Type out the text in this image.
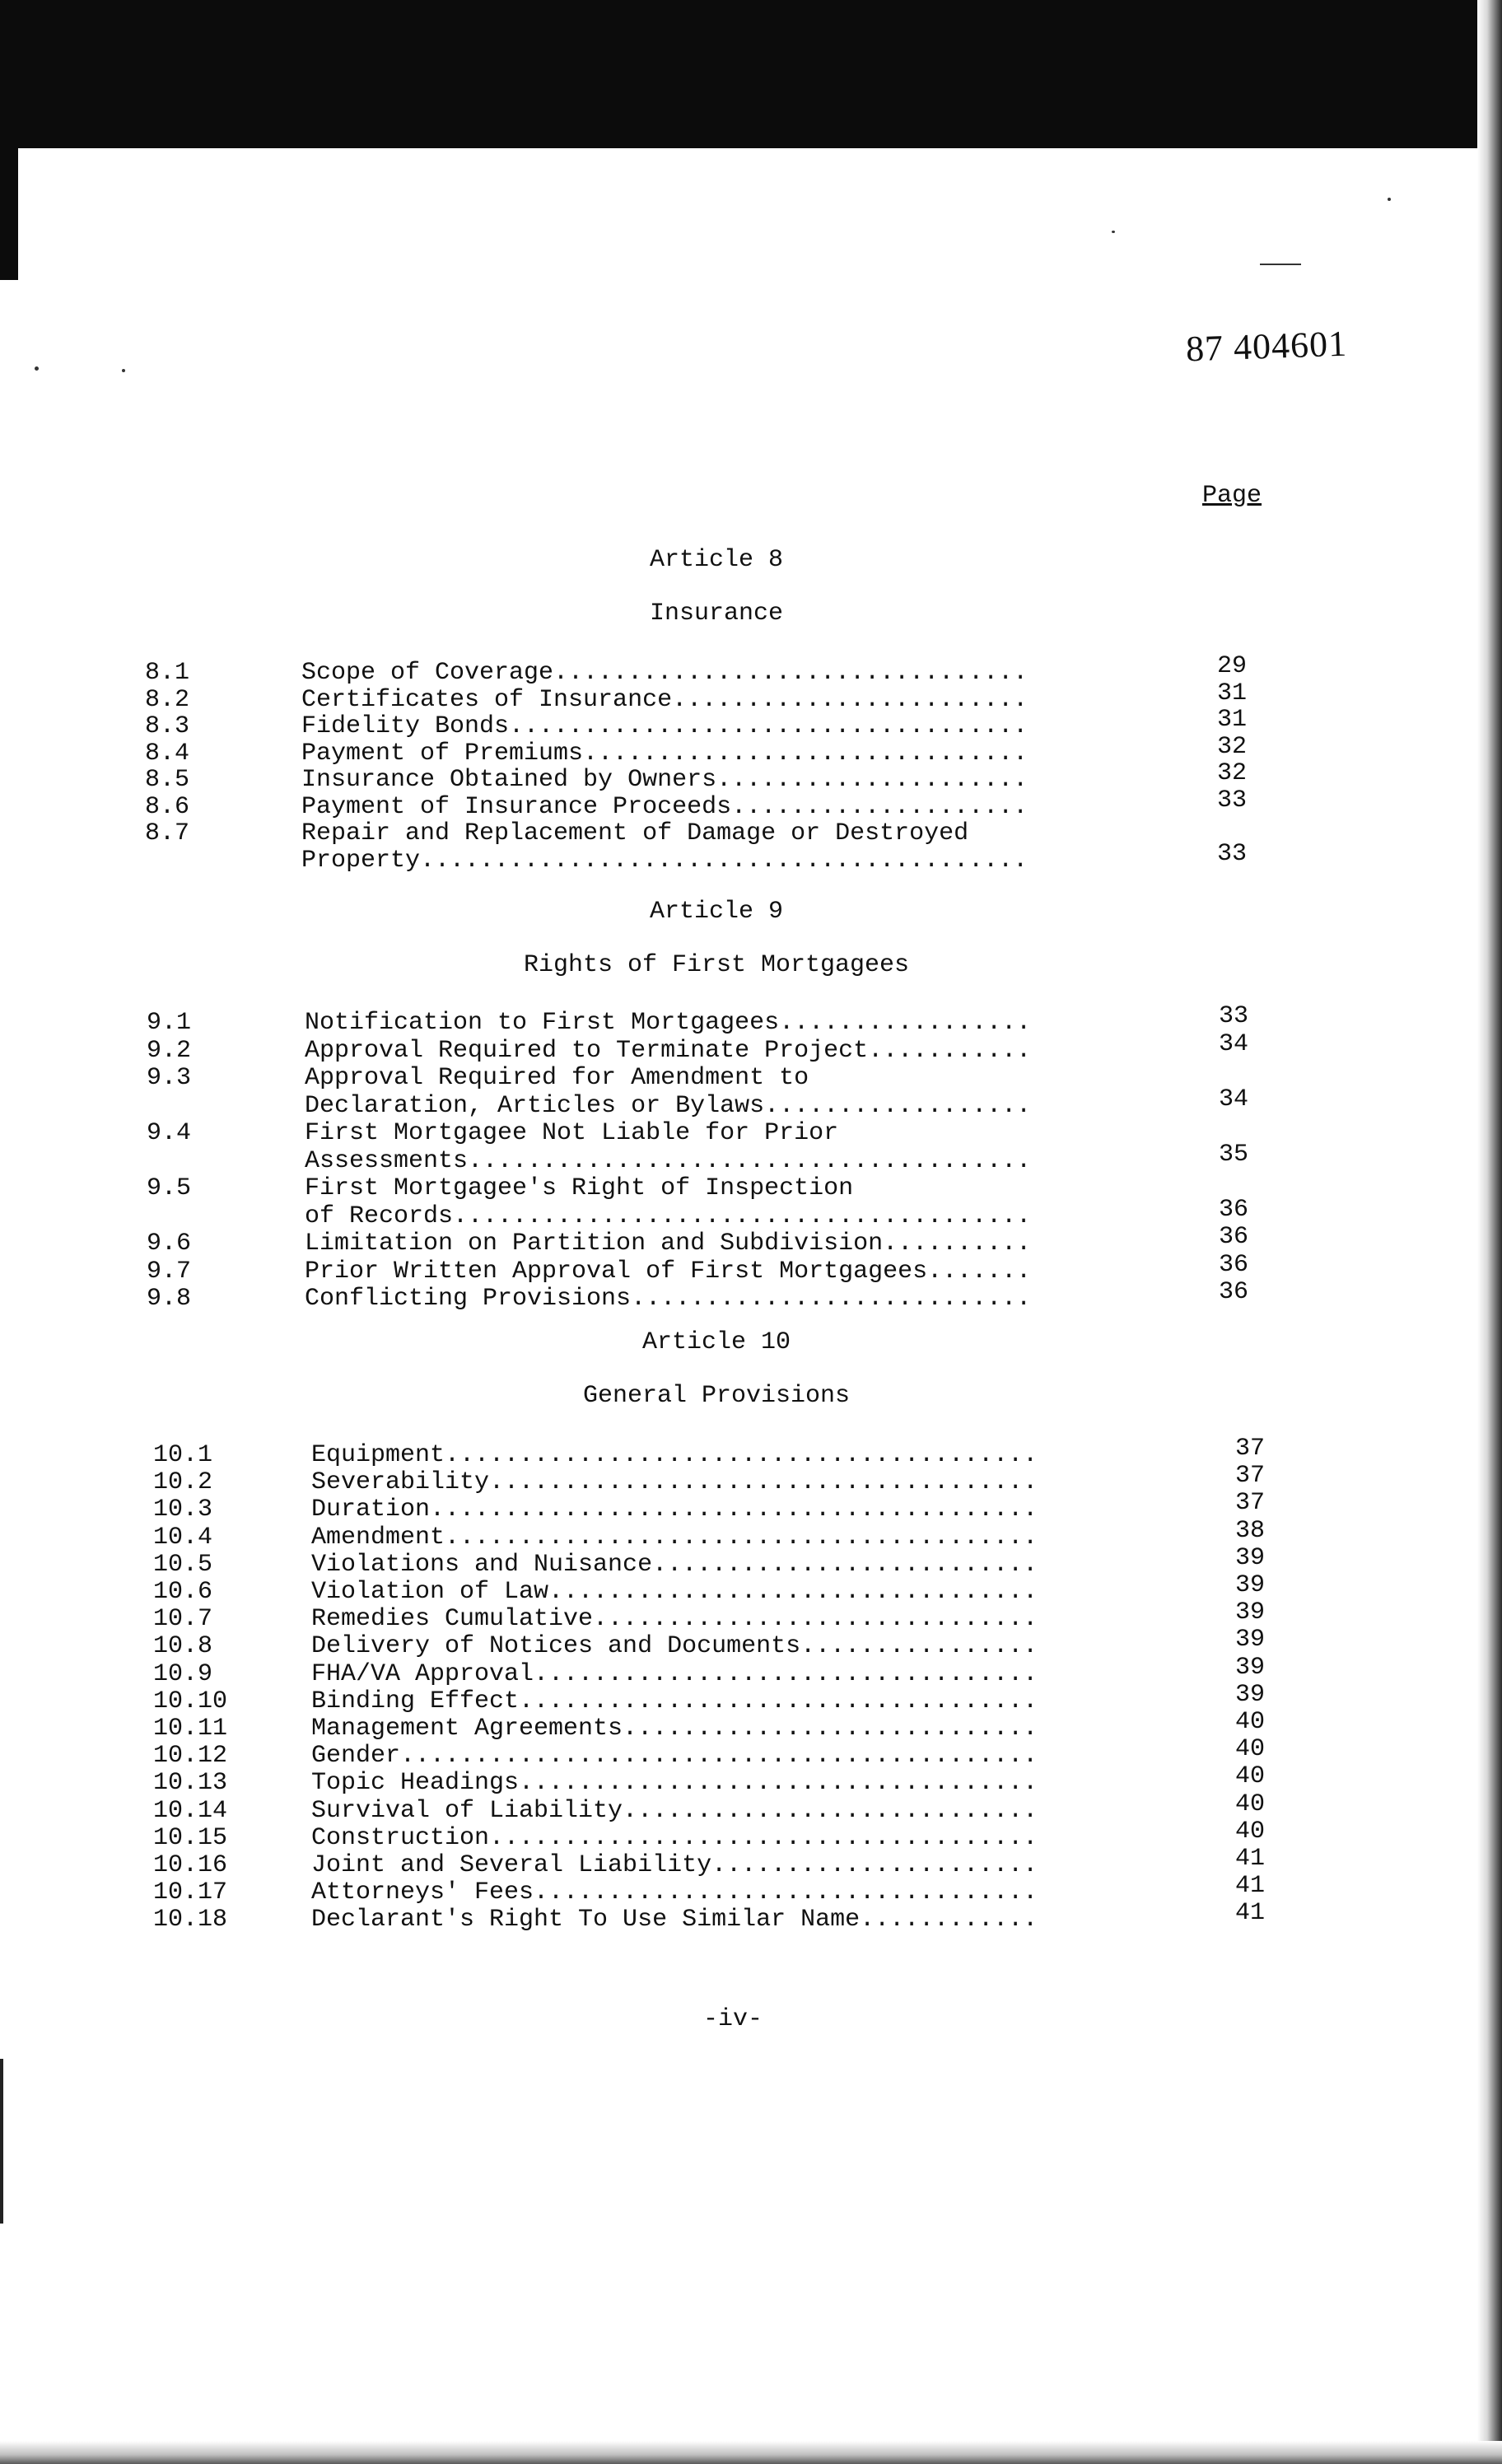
87 404601
Page
Article 8
Insurance
8.1	Scope of Coverage................................	29
8.2	Certificates of Insurance........................	31
8.3	Fidelity Bonds...................................	31
8.4	Payment of Premiums..............................	32
8.5	Insurance Obtained by Owners.....................	32
8.6	Payment of Insurance Proceeds....................	33
8.7	Repair and Replacement of Damage or Destroyed
Property.........................................	33
Article 9
Rights of First Mortgagees
9.1	Notification to First Mortgagees.................	33
9.2	Approval Required to Terminate Project...........	34
9.3	Approval Required for Amendment to
Declaration, Articles or Bylaws..................	34
9.4	First Mortgagee Not Liable for Prior
Assessments......................................	35
9.5	First Mortgagee's Right of Inspection
of Records.......................................	36
9.6	Limitation on Partition and Subdivision..........	36
9.7	Prior Written Approval of First Mortgagees.......	36
9.8	Conflicting Provisions...........................	36
Article 10
General Provisions
10.1	Equipment........................................	37
10.2	Severability.....................................	37
10.3	Duration.........................................	37
10.4	Amendment........................................	38
10.5	Violations and Nuisance..........................	39
10.6	Violation of Law.................................	39
10.7	Remedies Cumulative..............................	39
10.8	Delivery of Notices and Documents................	39
10.9	FHA/VA Approval..................................	39
10.10	Binding Effect...................................	39
10.11	Management Agreements............................	40
10.12	Gender...........................................	40
10.13	Topic Headings...................................	40
10.14	Survival of Liability............................	40
10.15	Construction.....................................	40
10.16	Joint and Several Liability......................	41
10.17	Attorneys' Fees..................................	41
10.18	Declarant's Right To Use Similar Name............	41
-iv-
